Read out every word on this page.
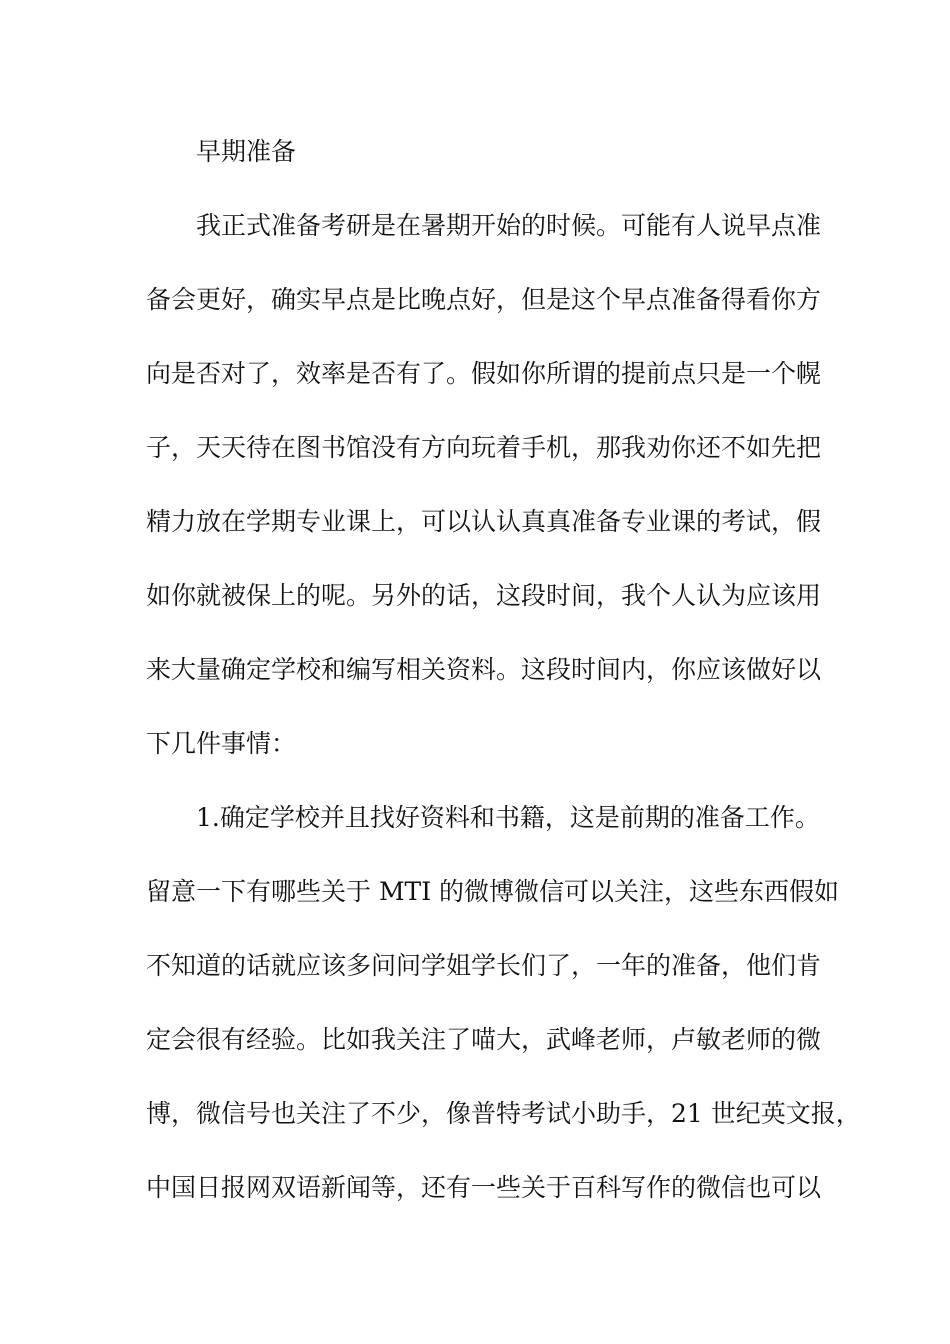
早期准备
我正式准备考研是在暑期开始的时候。可能有人说早点准
备会更好，确实早点是比晚点好，但是这个早点准备得看你方
向是否对了，效率是否有了。假如你所谓的提前点只是一个幌
子，天天待在图书馆没有方向玩着手机，那我劝你还不如先把
精力放在学期专业课上，可以认认真真准备专业课的考试，假
如你就被保上的呢。另外的话，这段时间，我个人认为应该用
来大量确定学校和编写相关资料。这段时间内，你应该做好以
下几件事情：
1.确定学校并且找好资料和书籍，这是前期的准备工作。
留意一下有哪些关于 MTI 的微博微信可以关注，这些东西假如
不知道的话就应该多问问学姐学长们了，一年的准备，他们肯
定会很有经验。比如我关注了喵大，武峰老师，卢敏老师的微
博，微信号也关注了不少，像普特考试小助手，21 世纪英文报，
中国日报网双语新闻等，还有一些关于百科写作的微信也可以
